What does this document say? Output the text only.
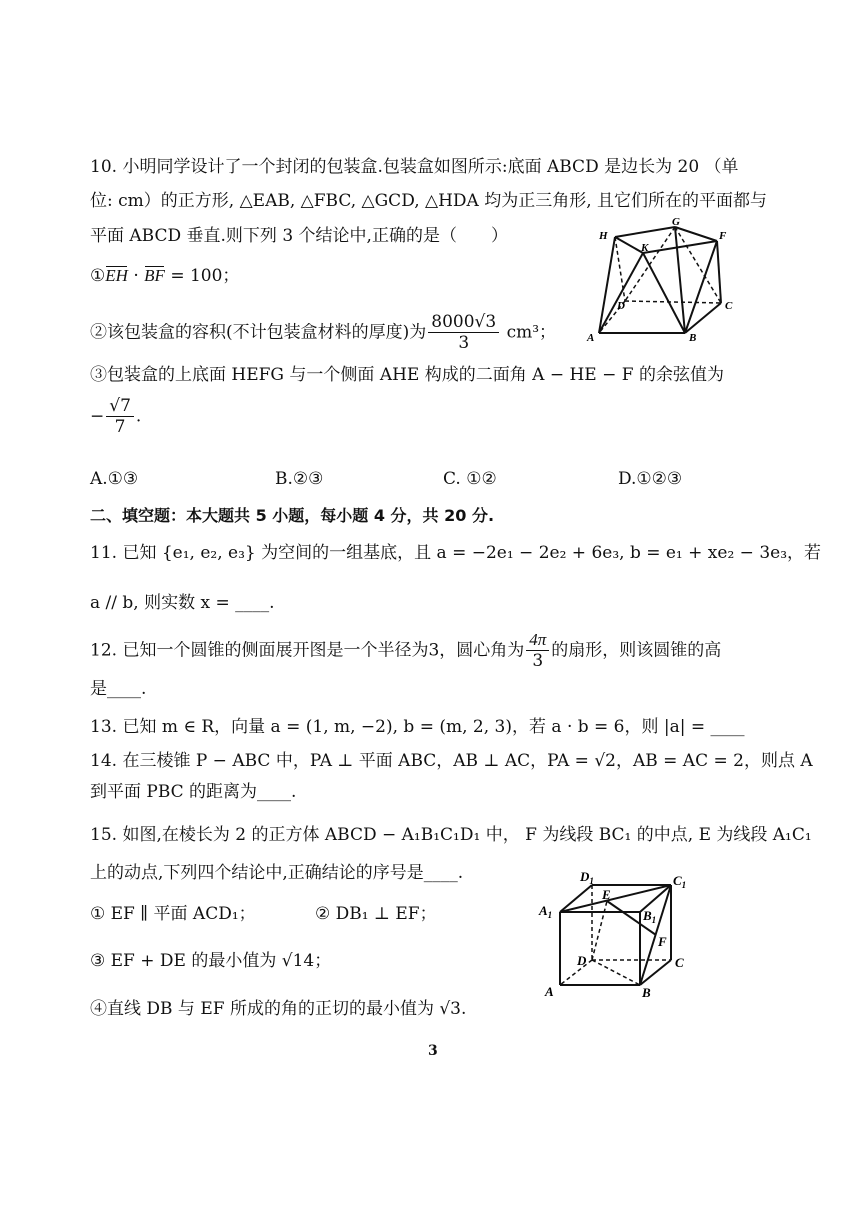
10. 小明同学设计了一个封闭的包装盒.包装盒如图所示:底面 ABCD 是边长为 20 （单
位: cm）的正方形, △EAB, △FBC, △GCD, △HDA 均为正三角形, 且它们所在的平面都与
平面 ABCD 垂直.则下列 3 个结论中,正确的是（　　）
①EH · BF = 100；
②该包装盒的容积(不计包装盒材料的厚度)为 $\frac{8000√3}{3} cm^3$；
③包装盒的上底面 HEFG 与一个侧面 AHE 构成的二面角 A − HE − F 的余弦值为
− $\frac{√7}{7}$ .
A.①③	B.②③	C. ①②	D.①②③
G
H	F
K
D	C
A	B
二、填空题：本大题共 5 小题，每小题 4 分，共 20 分.
11. 已知 {e₁, e₂, e₃} 为空间的一组基底，且 a = −2e₁ − 2e₂ + 6e₃, b = e₁ + xe₂ − 3e₃，若
a // b, 则实数 x = ____.
12. 已知一个圆锥的侧面展开图是一个半径为3，圆心角为 $\frac{4\pi}{3}$ 的扇形，则该圆锥的高
是____.
13. 已知 m ∈ R，向量 a = (1, m, −2), b = (m, 2, 3)，若 a · b = 6，则 |a| = ____
14. 在三棱锥 P − ABC 中，PA ⊥ 平面 ABC，AB ⊥ AC，PA = √2，AB = AC = 2，则点 A
到平面 PBC 的距离为____.
15. 如图,在棱长为 2 的正方体 ABCD − A₁B₁C₁D₁ 中， F 为线段 BC₁ 的中点, E 为线段 A₁C₁
上的动点,下列四个结论中,正确结论的序号是____.
① EF ∥ 平面 ACD₁；	② DB₁ ⊥ EF；
③ EF + DE 的最小值为 √14；
④直线 DB 与 EF 所成的角的正切的最小值为 √3.
$D_1$	$C_1$
$A_1$
E
$B_1$
F
D	C
A	B
3
